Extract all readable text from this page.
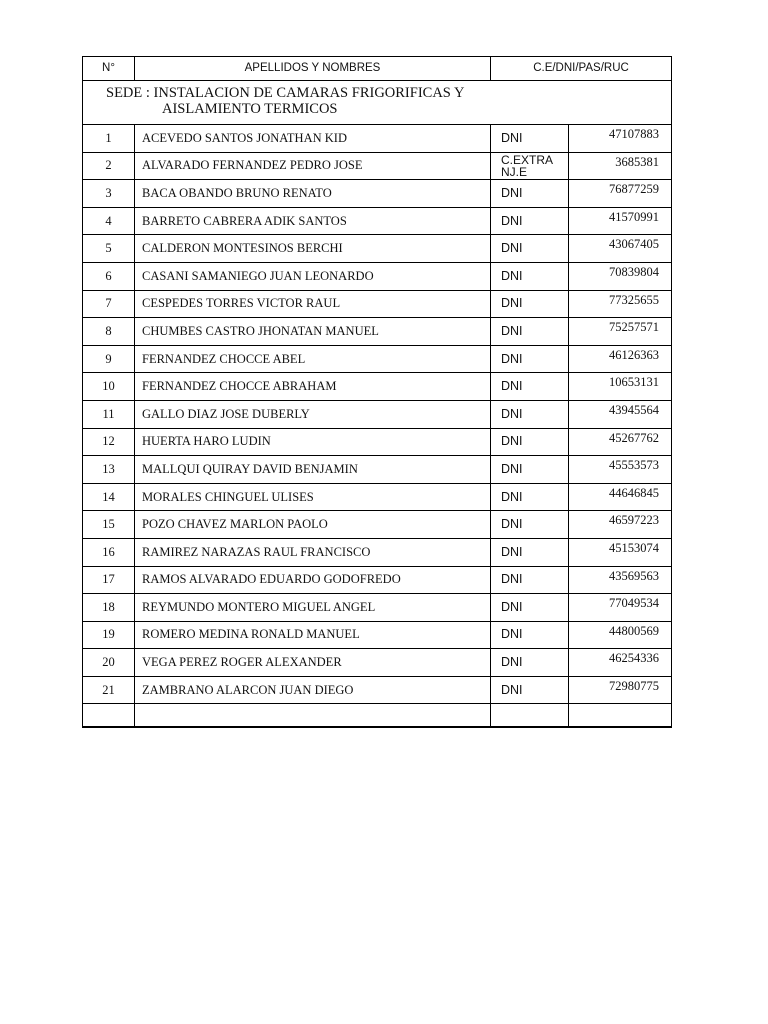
N°	APELLIDOS Y NOMBRES	C.E/DNI/PAS/RUC	

SEDE : INSTALACION DE CAMARAS FRIGORIFICAS Y
AISLAMIENTO TERMICOS			

1	ACEVEDO SANTOS JONATHAN KID	DNI	47107883
2	ALVARADO FERNANDEZ PEDRO JOSE	C.EXTRA NJ.E	3685381
3	BACA OBANDO BRUNO RENATO	DNI	76877259
4	BARRETO CABRERA ADIK SANTOS	DNI	41570991
5	CALDERON MONTESINOS BERCHI	DNI	43067405
6	CASANI SAMANIEGO JUAN LEONARDO	DNI	70839804
7	CESPEDES TORRES VICTOR RAUL	DNI	77325655
8	CHUMBES CASTRO JHONATAN MANUEL	DNI	75257571
9	FERNANDEZ CHOCCE ABEL	DNI	46126363
10	FERNANDEZ CHOCCE ABRAHAM	DNI	10653131
11	GALLO DIAZ JOSE DUBERLY	DNI	43945564
12	HUERTA HARO LUDIN	DNI	45267762
13	MALLQUI QUIRAY DAVID BENJAMIN	DNI	45553573
14	MORALES CHINGUEL ULISES	DNI	44646845
15	POZO CHAVEZ MARLON PAOLO	DNI	46597223
16	RAMIREZ NARAZAS RAUL FRANCISCO	DNI	45153074
17	RAMOS ALVARADO EDUARDO GODOFREDO	DNI	43569563
18	REYMUNDO MONTERO MIGUEL ANGEL	DNI	77049534
19	ROMERO MEDINA RONALD MANUEL	DNI	44800569
20	VEGA PEREZ ROGER ALEXANDER	DNI	46254336
21	ZAMBRANO ALARCON JUAN DIEGO	DNI	72980775
